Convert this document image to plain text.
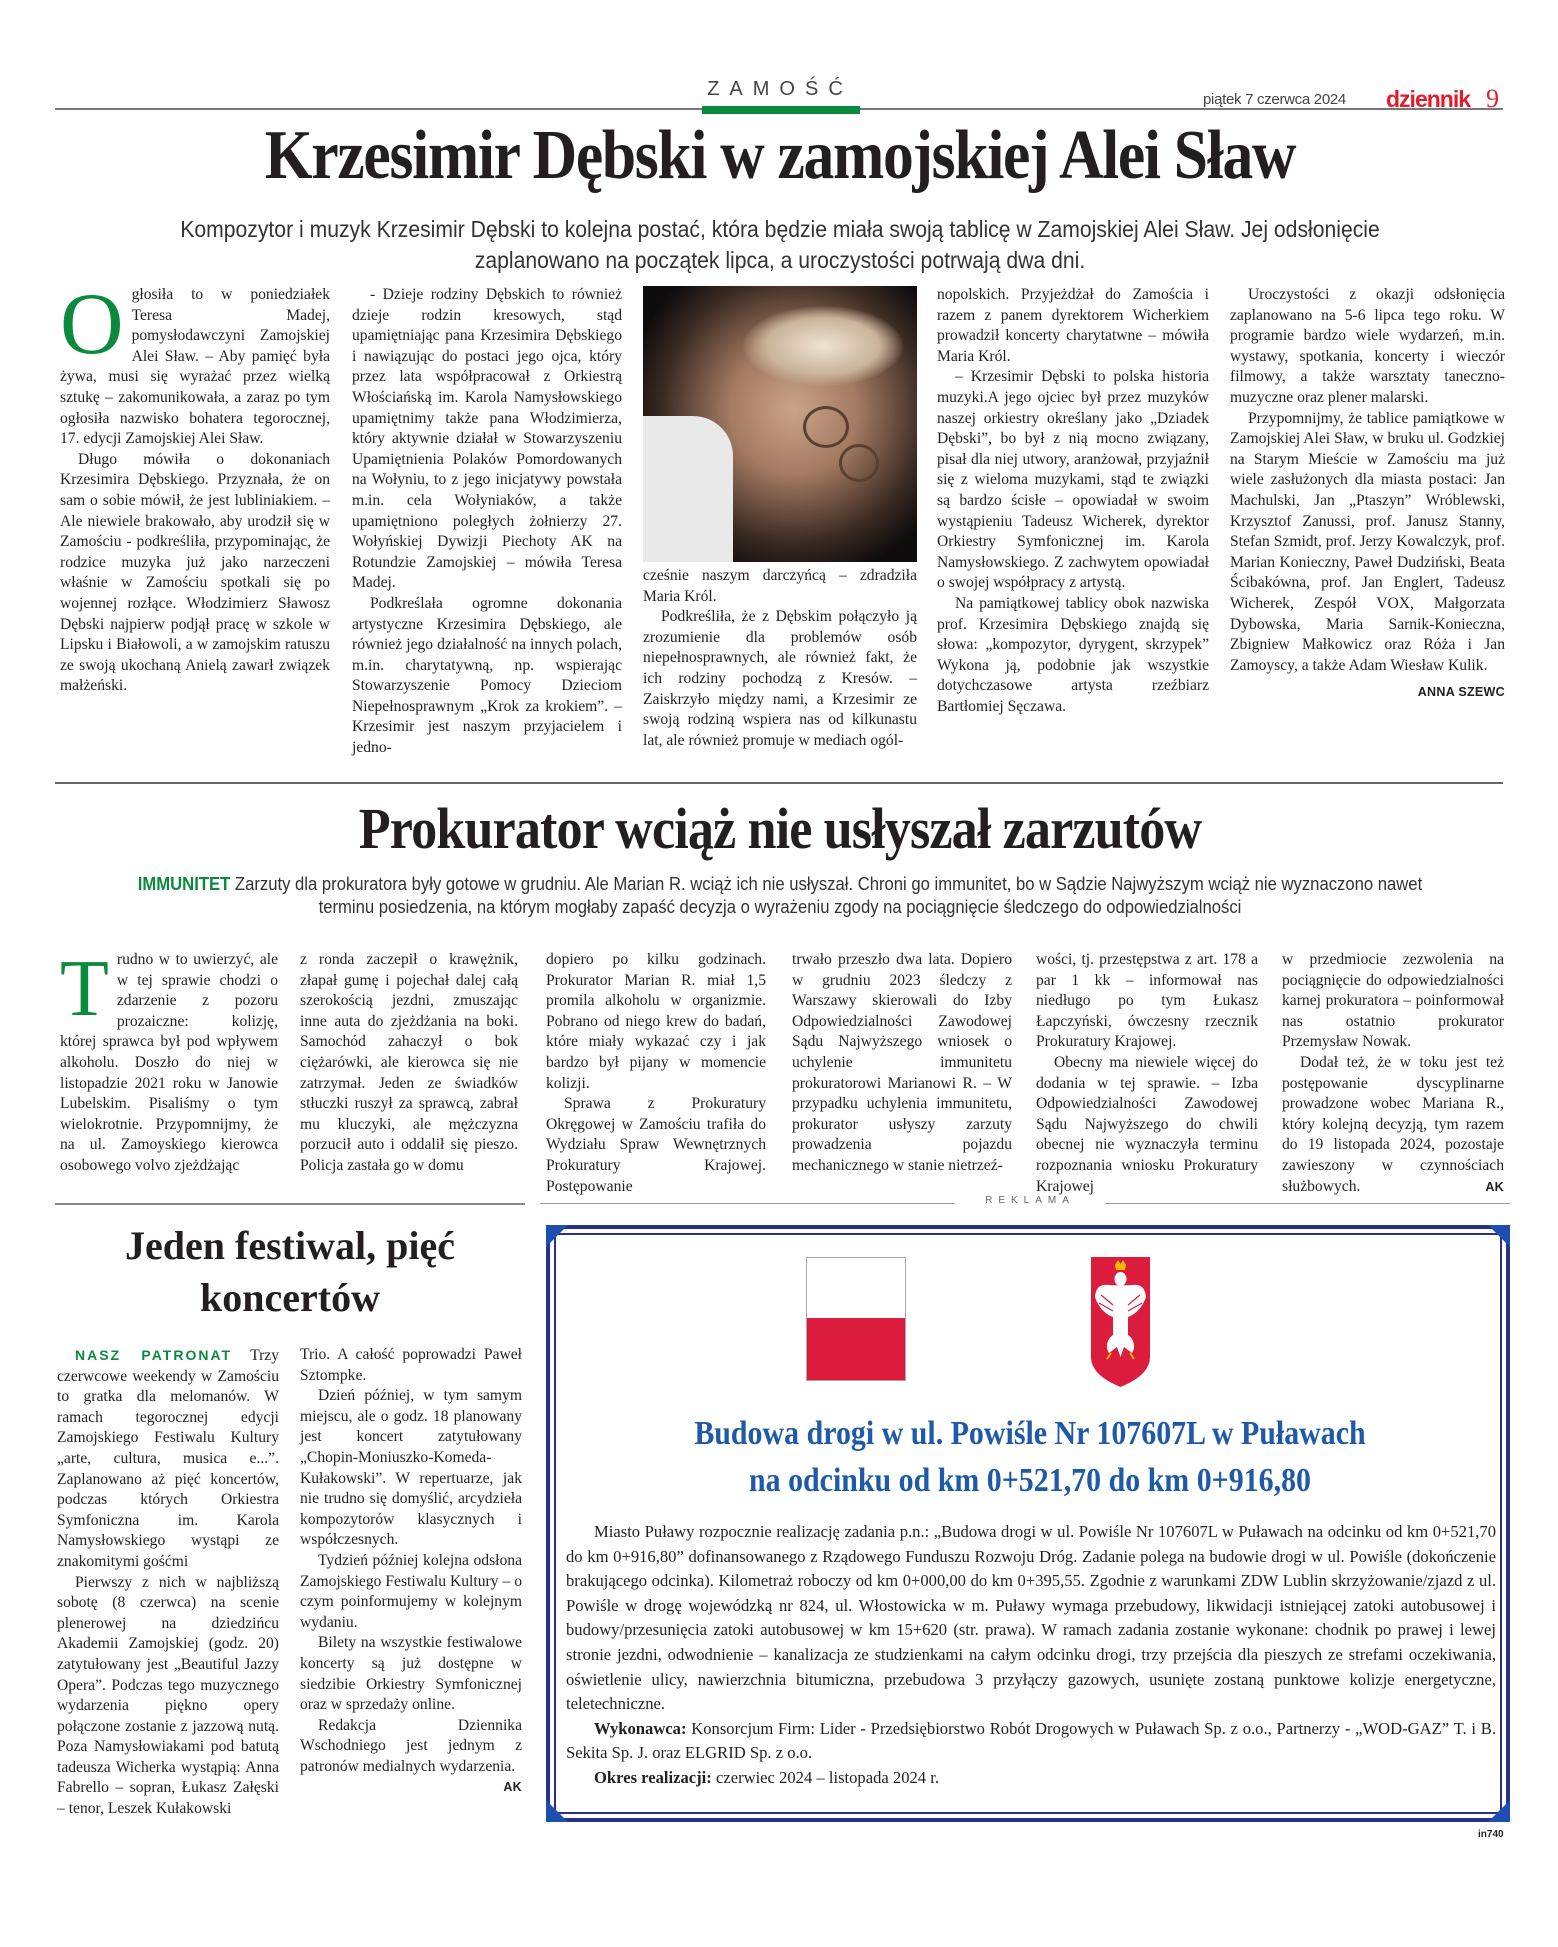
ZAMOŚĆ	piątek 7 czerwca 2024 dziennik 9
Krzesimir Dębski w zamojskiej Alei Sław
Kompozytor i muzyk Krzesimir Dębski to kolejna postać, która będzie miała swoją tablicę w Zamojskiej Alei Sław. Jej odsłonięcie zaplanowano na początek lipca, a uroczystości potrwają dwa dni.

Ogłosiła to w poniedziałek Teresa Madej, pomysłodawczyni Zamojskiej Alei Sław. – Aby pamięć była żywa, musi się wyrażać przez wielką sztukę – zakomunikowała, a zaraz po tym ogłosiła nazwisko bohatera tegorocznej, 17. edycji Zamojskiej Alei Sław.

Długo mówiła o dokonaniach Krzesimira Dębskiego. Przyznała, że on sam o sobie mówił, że jest lubliniakiem. – Ale niewiele brakowało, aby urodził się w Zamościu - podkreśliła, przypominając, że rodzice muzyka już jako narzeczeni właśnie w Zamościu spotkali się po wojennej rozłące. Włodzimierz Sławosz Dębski najpierw podjął pracę w szkole w Lipsku i Białowoli, a w zamojskim ratuszu ze swoją ukochaną Anielą zawarł związek małżeński.

- Dzieje rodziny Dębskich to również dzieje rodzin kresowych, stąd upamiętniając pana Krzesimira Dębskiego i nawiązując do postaci jego ojca, który przez lata współpracował z Orkiestrą Włościańską im. Karola Namysłowskiego upamiętnimy także pana Włodzimierza, który aktywnie działał w Stowarzyszeniu Upamiętnienia Polaków Pomordowanych na Wołyniu, to z jego inicjatywy powstała m.in. cela Wołyniaków, a także upamiętniono poległych żołnierzy 27. Wołyńskiej Dywizji Piechoty AK na Rotundzie Zamojskiej – mówiła Teresa Madej.

Podkreślała ogromne dokonania artystyczne Krzesimira Dębskiego, ale również jego działalność na innych polach, m.in. charytatywną, np. wspierając Stowarzyszenie Pomocy Dzieciom Niepełnosprawnym „Krok za krokiem”. – Krzesimir jest naszym przyjacielem i jedno-

cześnie naszym darczyńcą – zdradziła Maria Król.

Podkreśliła, że z Dębskim połączyło ją zrozumienie dla problemów osób niepełnosprawnych, ale również fakt, że ich rodziny pochodzą z Kresów. – Zaiskrzyło między nami, a Krzesimir ze swoją rodziną wspiera nas od kilkunastu lat, ale również promuje w mediach ogól-

nopolskich. Przyjeżdżał do Zamościa i razem z panem dyrektorem Wicherkiem prowadził koncerty charytatwne – mówiła Maria Król.

– Krzesimir Dębski to polska historia muzyki.A jego ojciec był przez muzyków naszej orkiestry określany jako „Dziadek Dębski”, bo był z nią mocno związany, pisał dla niej utwory, aranżował, przyjaźnił się z wieloma muzykami, stąd te związki są bardzo ścisłe – opowiadał w swoim wystąpieniu Tadeusz Wicherek, dyrektor Orkiestry Symfonicznej im. Karola Namysłowskiego. Z zachwytem opowiadał o swojej współpracy z artystą.

Na pamiątkowej tablicy obok nazwiska prof. Krzesimira Dębskiego znajdą się słowa: „kompozytor, dyrygent, skrzypek” Wykona ją, podobnie jak wszystkie dotychczasowe artysta rzeźbiarz Bartłomiej Sęczawa.

Uroczystości z okazji odsłonięcia zaplanowano na 5-6 lipca tego roku. W programie bardzo wiele wydarzeń, m.in. wystawy, spotkania, koncerty i wieczór filmowy, a także warsztaty taneczno-muzyczne oraz plener malarski.

Przypomnijmy, że tablice pamiątkowe w Zamojskiej Alei Sław, w bruku ul. Godzkiej na Starym Mieście w Zamościu ma już wiele zasłużonych dla miasta postaci: Jan Machulski, Jan „Ptaszyn” Wróblewski, Krzysztof Zanussi, prof. Janusz Stanny, Stefan Szmidt, prof. Jerzy Kowalczyk, prof. Marian Konieczny, Paweł Dudziński, Beata Ścibakówna, prof. Jan Englert, Tadeusz Wicherek, Zespół VOX, Małgorzata Dybowska, Maria Sarnik-Konieczna, Zbigniew Małkowicz oraz Róża i Jan Zamoyscy, a także Adam Wiesław Kulik.

ANNA SZEWC
Prokurator wciąż nie usłyszał zarzutów
IMMUNITET Zarzuty dla prokuratora były gotowe w grudniu. Ale Marian R. wciąż ich nie usłyszał. Chroni go immunitet, bo w Sądzie Najwyższym wciąż nie wyznaczono nawet terminu posiedzenia, na którym mogłaby zapaść decyzja o wyrażeniu zgody na pociągnięcie śledczego do odpowiedzialności

Trudno w to uwierzyć, ale w tej sprawie chodzi o zdarzenie z pozoru prozaiczne: kolizję, której sprawca był pod wpływem alkoholu. Doszło do niej w listopadzie 2021 roku w Janowie Lubelskim. Pisaliśmy o tym wielokrotnie. Przypomnijmy, że na ul. Zamoyskiego kierowca osobowego volvo zjeżdżając

z ronda zaczepił o krawężnik, złapał gumę i pojechał dalej całą szerokością jezdni, zmuszając inne auta do zjeżdżania na boki. Samochód zahaczył o bok ciężarówki, ale kierowca się nie zatrzymał. Jeden ze świadków stłuczki ruszył za sprawcą, zabrał mu kluczyki, ale mężczyzna porzucił auto i oddalił się pieszo. Policja zastała go w domu

dopiero po kilku godzinach. Prokurator Marian R. miał 1,5 promila alkoholu w organizmie. Pobrano od niego krew do badań, które miały wykazać czy i jak bardzo był pijany w momencie kolizji.

Sprawa z Prokuratury Okręgowej w Zamościu trafiła do Wydziału Spraw Wewnętrznych Prokuratury Krajowej. Postępowanie

trwało przeszło dwa lata. Dopiero w grudniu 2023 śledczy z Warszawy skierowali do Izby Odpowiedzialności Zawodowej Sądu Najwyższego wniosek o uchylenie immunitetu prokuratorowi Marianowi R. – W przypadku uchylenia immunitetu, prokurator usłyszy zarzuty prowadzenia pojazdu mechanicznego w stanie nietrzeź-

wości, tj. przestępstwa z art. 178 a par 1 kk – informował nas niedługo po tym Łukasz Łapczyński, ówczesny rzecznik Prokuratury Krajowej.

Obecny ma niewiele więcej do dodania w tej sprawie. – Izba Odpowiedzialności Zawodowej Sądu Najwyższego do chwili obecnej nie wyznaczyła terminu rozpoznania wniosku Prokuratury Krajowej

w przedmiocie zezwolenia na pociągnięcie do odpowiedzialności karnej prokuratora – poinformował nas ostatnio prokurator Przemysław Nowak.

Dodał też, że w toku jest też postępowanie dyscyplinarne prowadzone wobec Mariana R., który kolejną decyzją, tym razem do 19 listopada 2024, pozostaje zawieszony w czynnościach służbowych.	AK
Jeden festiwal, pięć koncertów

NASZ PATRONAT Trzy czerwcowe weekendy w Zamościu to gratka dla melomanów. W ramach tegorocznej edycji Zamojskiego Festiwalu Kultury „arte, cultura, musica e...”. Zaplanowano aż pięć koncertów, podczas których Orkiestra Symfoniczna im. Karola Namysłowskiego wystąpi ze znakomitymi gośćmi

Pierwszy z nich w najbliższą sobotę (8 czerwca) na scenie plenerowej na dziedzińcu Akademii Zamojskiej (godz. 20) zatytułowany jest „Beautiful Jazzy Opera”. Podczas tego muzycznego wydarzenia piękno opery połączone zostanie z jazzową nutą. Poza Namysłowiakami pod batutą tadeusza Wicherka wystąpią: Anna Fabrello – sopran, Łukasz Załęski – tenor, Leszek Kułakowski

Trio. A całość poprowadzi Paweł Sztompke.

Dzień później, w tym samym miejscu, ale o godz. 18 planowany jest koncert zatytułowany „Chopin-Moniuszko-Komeda-Kułakowski”. W repertuarze, jak nie trudno się domyślić, arcydzieła kompozytorów klasycznych i współczesnych.

Tydzień później kolejna odsłona Zamojskiego Festiwalu Kultury – o czym poinformujemy w kolejnym wydaniu.

Bilety na wszystkie festiwalowe koncerty są już dostępne w siedzibie Orkiestry Symfonicznej oraz w sprzedaży online.

Redakcja Dziennika Wschodniego jest jednym z patronów medialnych wydarzenia.

AK
REKLAMA
Budowa drogi w ul. Powiśle Nr 107607L w Puławach
na odcinku od km 0+521,70 do km 0+916,80

Miasto Puławy rozpocznie realizację zadania p.n.: „Budowa drogi w ul. Powiśle Nr 107607L w Puławach na odcinku od km 0+521,70 do km 0+916,80” dofinansowanego z Rządowego Funduszu Rozwoju Dróg. Zadanie polega na budowie drogi w ul. Powiśle (dokończenie brakującego odcinka). Kilometraż roboczy od km 0+000,00 do km 0+395,55. Zgodnie z warunkami ZDW Lublin skrzyżowanie/zjazd z ul. Powiśle w drogę wojewódzką nr 824, ul. Włostowicka w m. Puławy wymaga przebudowy, likwidacji istniejącej zatoki autobusowej i budowy/przesunięcia zatoki autobusowej w km 15+620 (str. prawa). W ramach zadania zostanie wykonane: chodnik po prawej i lewej stronie jezdni, odwodnienie – kanalizacja ze studzienkami na całym odcinku drogi, trzy przejścia dla pieszych ze strefami oczekiwania, oświetlenie ulicy, nawierzchnia bitumiczna, przebudowa 3 przyłączy gazowych, usunięte zostaną punktowe kolizje energetyczne, teletechniczne.

Wykonawca: Konsorcjum Firm: Lider - Przedsiębiorstwo Robót Drogowych w Puławach Sp. z o.o., Partnerzy - „WOD-GAZ” T. i B. Sekita Sp. J. oraz ELGRID Sp. z o.o.

Okres realizacji: czerwiec 2024 – listopada 2024 r.

in740
